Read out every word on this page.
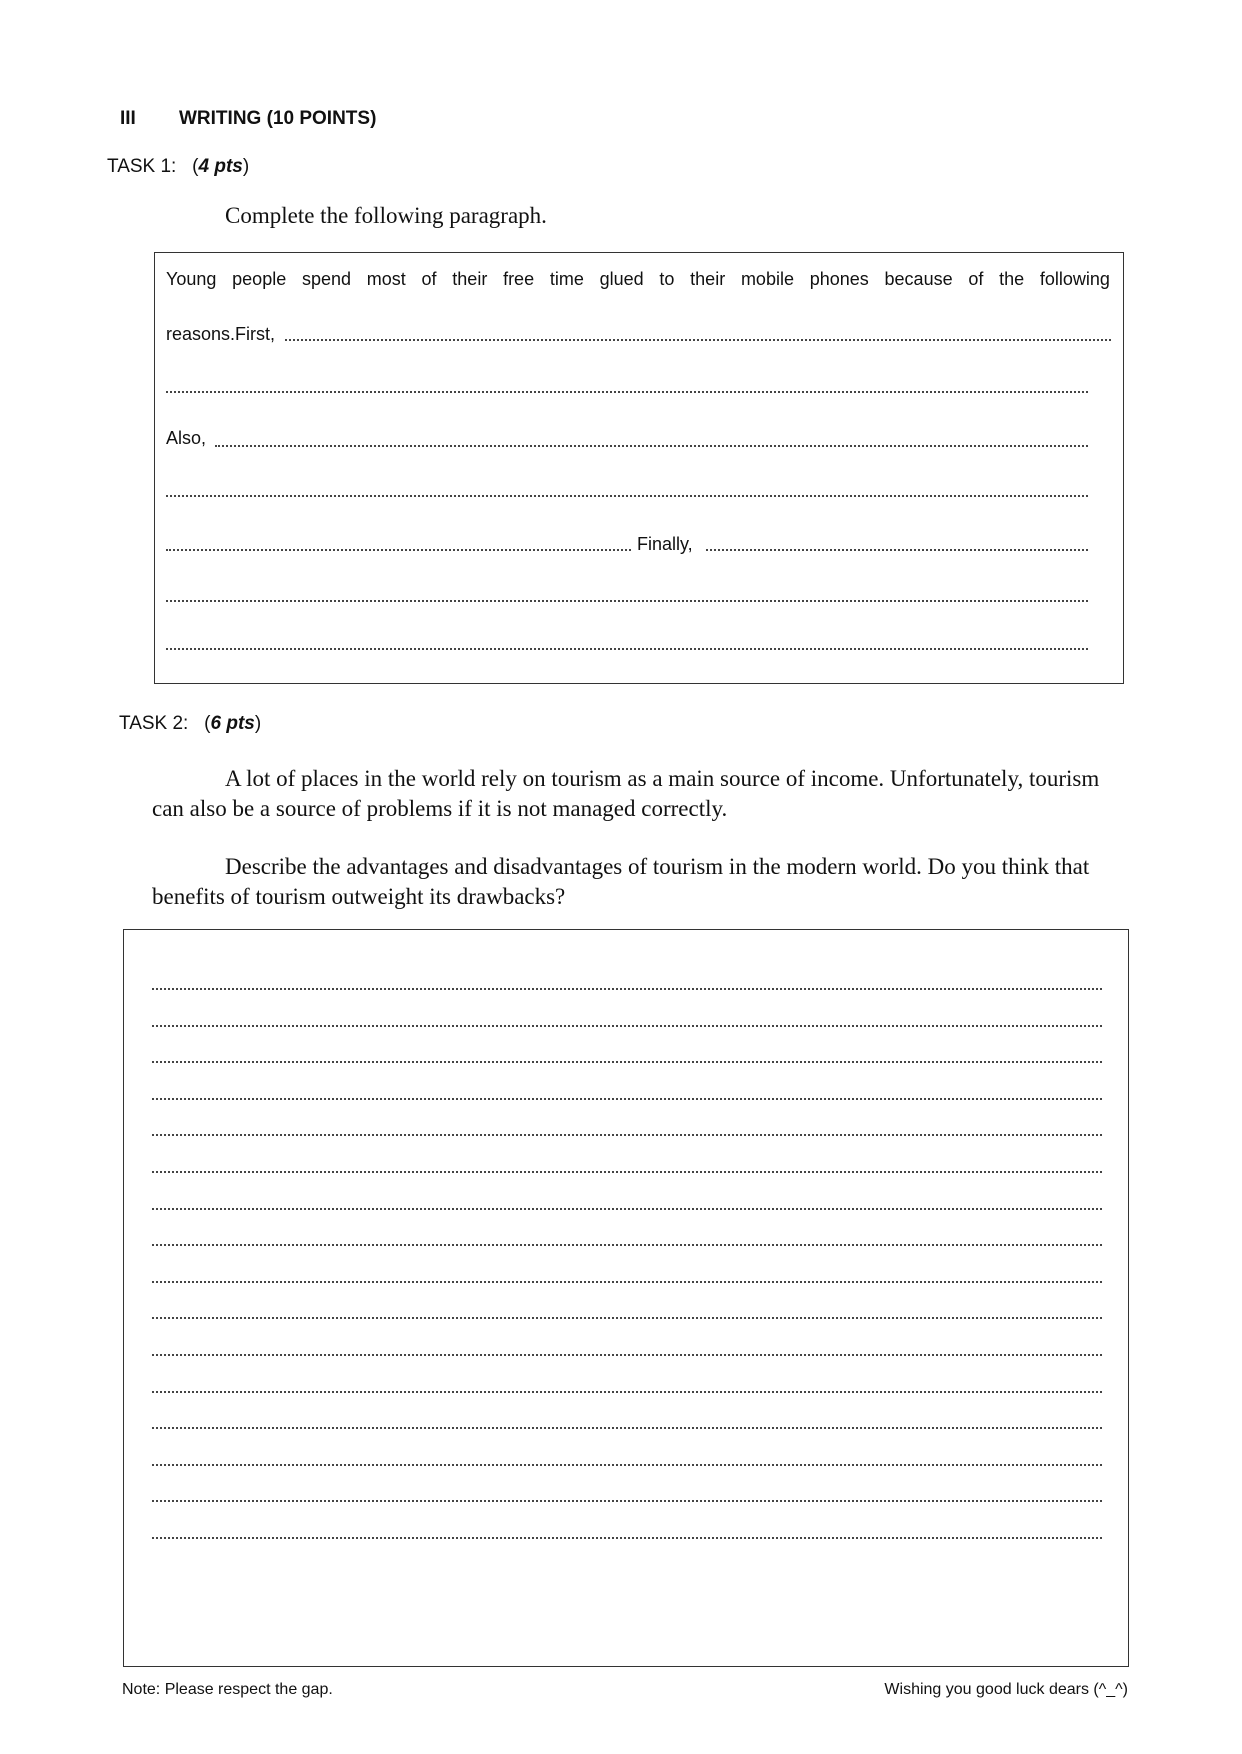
III WRITING (10 POINTS)
TASK 1:   (4 pts)
Complete the following paragraph.
Young people spend most of their free time glued to their mobile phones because of the following
reasons.First,
Also,
Finally,
TASK 2:   (6 pts)
A lot of places in the world rely on tourism as a main source of income. Unfortunately, tourism can also be a source of problems if it is not managed correctly.
Describe the advantages and disadvantages of tourism in the modern world. Do you think that benefits of tourism outweight its drawbacks?
Note: Please respect the gap.	Wishing you good luck dears (^_^)
